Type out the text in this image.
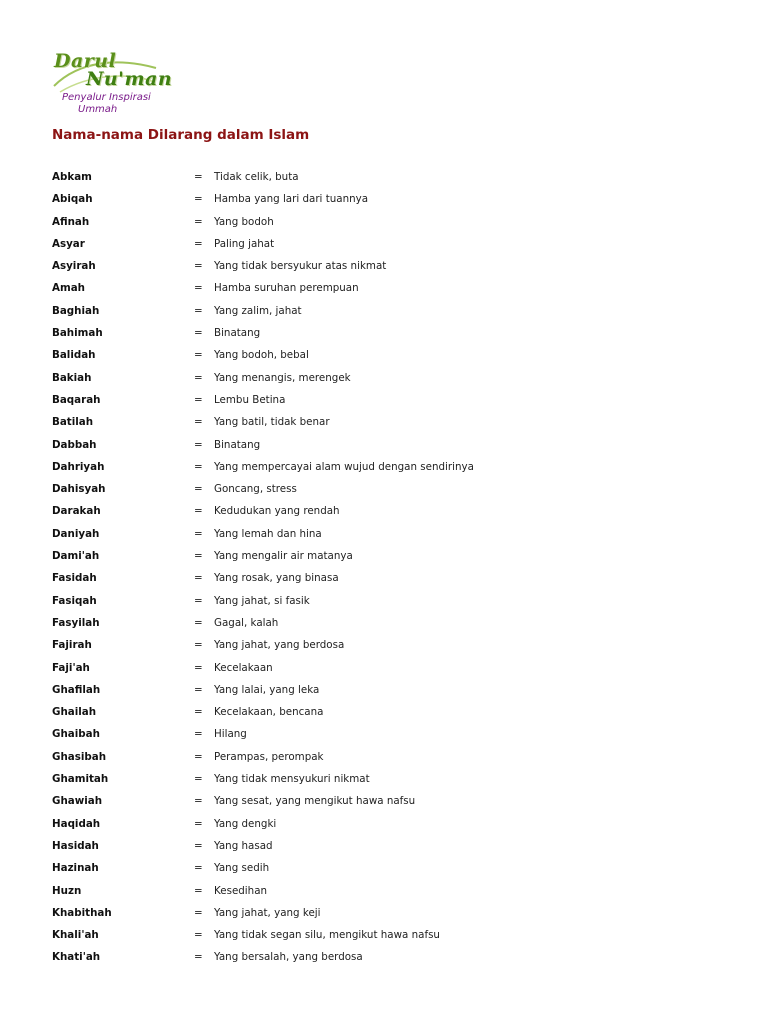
Darul
Nu'man
Penyalur Inspirasi
Ummah
Nama-nama Dilarang dalam Islam
Abkam	= Tidak celik, buta
Abiqah	= Hamba yang lari dari tuannya
Afinah	= Yang bodoh
Asyar	= Paling jahat
Asyirah	= Yang tidak bersyukur atas nikmat
Amah	= Hamba suruhan perempuan
Baghiah	= Yang zalim, jahat
Bahimah	= Binatang
Balidah	= Yang bodoh, bebal
Bakiah	= Yang menangis, merengek
Baqarah	= Lembu Betina
Batilah	= Yang batil, tidak benar
Dabbah	= Binatang
Dahriyah	= Yang mempercayai alam wujud dengan sendirinya
Dahisyah	= Goncang, stress
Darakah	= Kedudukan yang rendah
Daniyah	= Yang lemah dan hina
Dami'ah	= Yang mengalir air matanya
Fasidah	= Yang rosak, yang binasa
Fasiqah	= Yang jahat, si fasik
Fasyilah	= Gagal, kalah
Fajirah	= Yang jahat, yang berdosa
Faji'ah	= Kecelakaan
Ghafilah	= Yang lalai, yang leka
Ghailah	= Kecelakaan, bencana
Ghaibah	= Hilang
Ghasibah	= Perampas, perompak
Ghamitah	= Yang tidak mensyukuri nikmat
Ghawiah	= Yang sesat, yang mengikut hawa nafsu
Haqidah	= Yang dengki
Hasidah	= Yang hasad
Hazinah	= Yang sedih
Huzn	= Kesedihan
Khabithah	= Yang jahat, yang keji
Khali'ah	= Yang tidak segan silu, mengikut hawa nafsu
Khati'ah	= Yang bersalah, yang berdosa
